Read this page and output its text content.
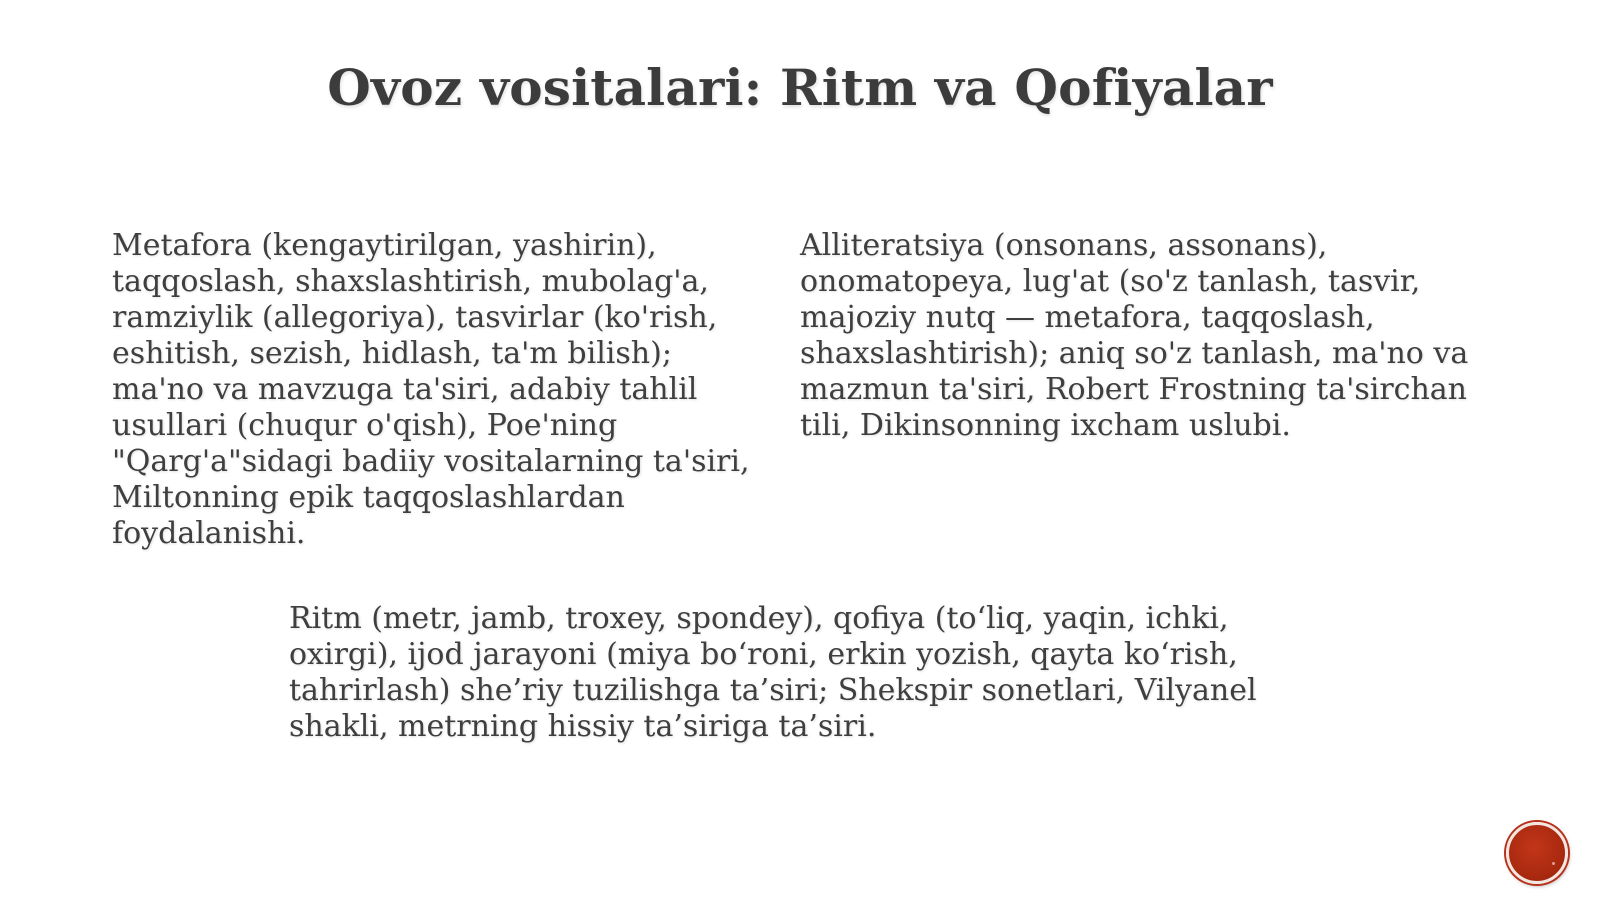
Ovoz vositalari: Ritm va Qofiyalar

Metafora (kengaytirilgan, yashirin), taqqoslash, shaxslashtirish, mubolag'a, ramziylik (allegoriya), tasvirlar (ko'rish, eshitish, sezish, hidlash, ta'm bilish); ma'no va mavzuga ta'siri, adabiy tahlil usullari (chuqur o'qish), Poe'ning "Qarg'a"sidagi badiiy vositalarning ta'siri, Miltonning epik taqqoslashlardan foydalanishi.

Alliteratsiya (onsonans, assonans), onomatopeya, lug'at (so'z tanlash, tasvir, majoziy nutq — metafora, taqqoslash, shaxslashtirish); aniq so'z tanlash, ma'no va mazmun ta'siri, Robert Frostning ta'sirchan tili, Dikinsonning ixcham uslubi.

Ritm (metr, jamb, troxey, spondey), qofiya (to‘liq, yaqin, ichki, oxirgi), ijod jarayoni (miya bo‘roni, erkin yozish, qayta ko‘rish, tahrirlash) she’riy tuzilishga ta’siri; Shekspir sonetlari, Vilyanel shakli, metrning hissiy ta’siriga ta’siri.
